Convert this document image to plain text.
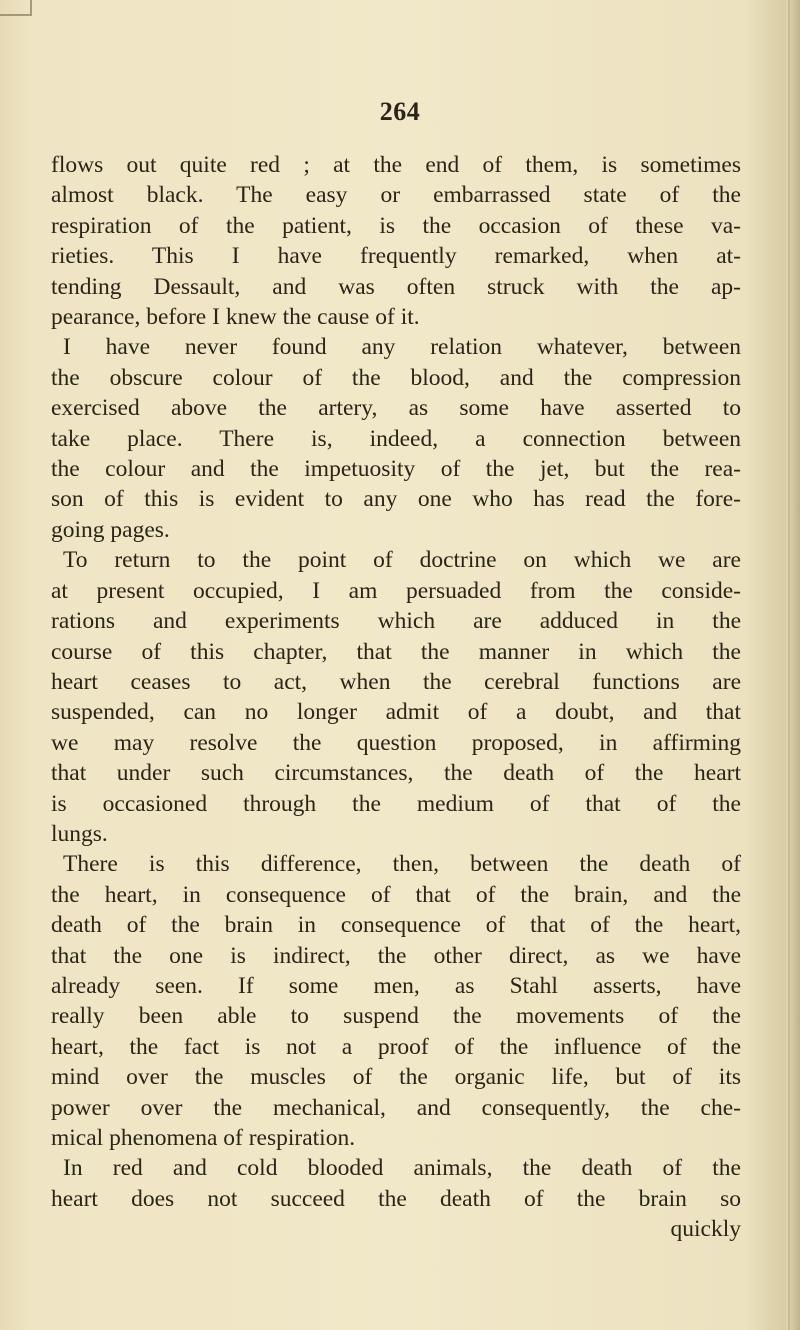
264
flows out quite red ; at the end of them, is sometimes
almost black. The easy or embarrassed state of the
respiration of the patient, is the occasion of these va-
rieties. This I have frequently remarked, when at-
tending Dessault, and was often struck with the ap-
pearance, before I knew the cause of it.
I have never found any relation whatever, between
the obscure colour of the blood, and the compression
exercised above the artery, as some have asserted to
take place. There is, indeed, a connection between
the colour and the impetuosity of the jet, but the rea-
son of this is evident to any one who has read the fore-
going pages.
To return to the point of doctrine on which we are
at present occupied, I am persuaded from the conside-
rations and experiments which are adduced in the
course of this chapter, that the manner in which the
heart ceases to act, when the cerebral functions are
suspended, can no longer admit of a doubt, and that
we may resolve the question proposed, in affirming
that under such circumstances, the death of the heart
is occasioned through the medium of that of the
lungs.
There is this difference, then, between the death of
the heart, in consequence of that of the brain, and the
death of the brain in consequence of that of the heart,
that the one is indirect, the other direct, as we have
already seen. If some men, as Stahl asserts, have
really been able to suspend the movements of the
heart, the fact is not a proof of the influence of the
mind over the muscles of the organic life, but of its
power over the mechanical, and consequently, the che-
mical phenomena of respiration.
In red and cold blooded animals, the death of the
heart does not succeed the death of the brain so
quickly
